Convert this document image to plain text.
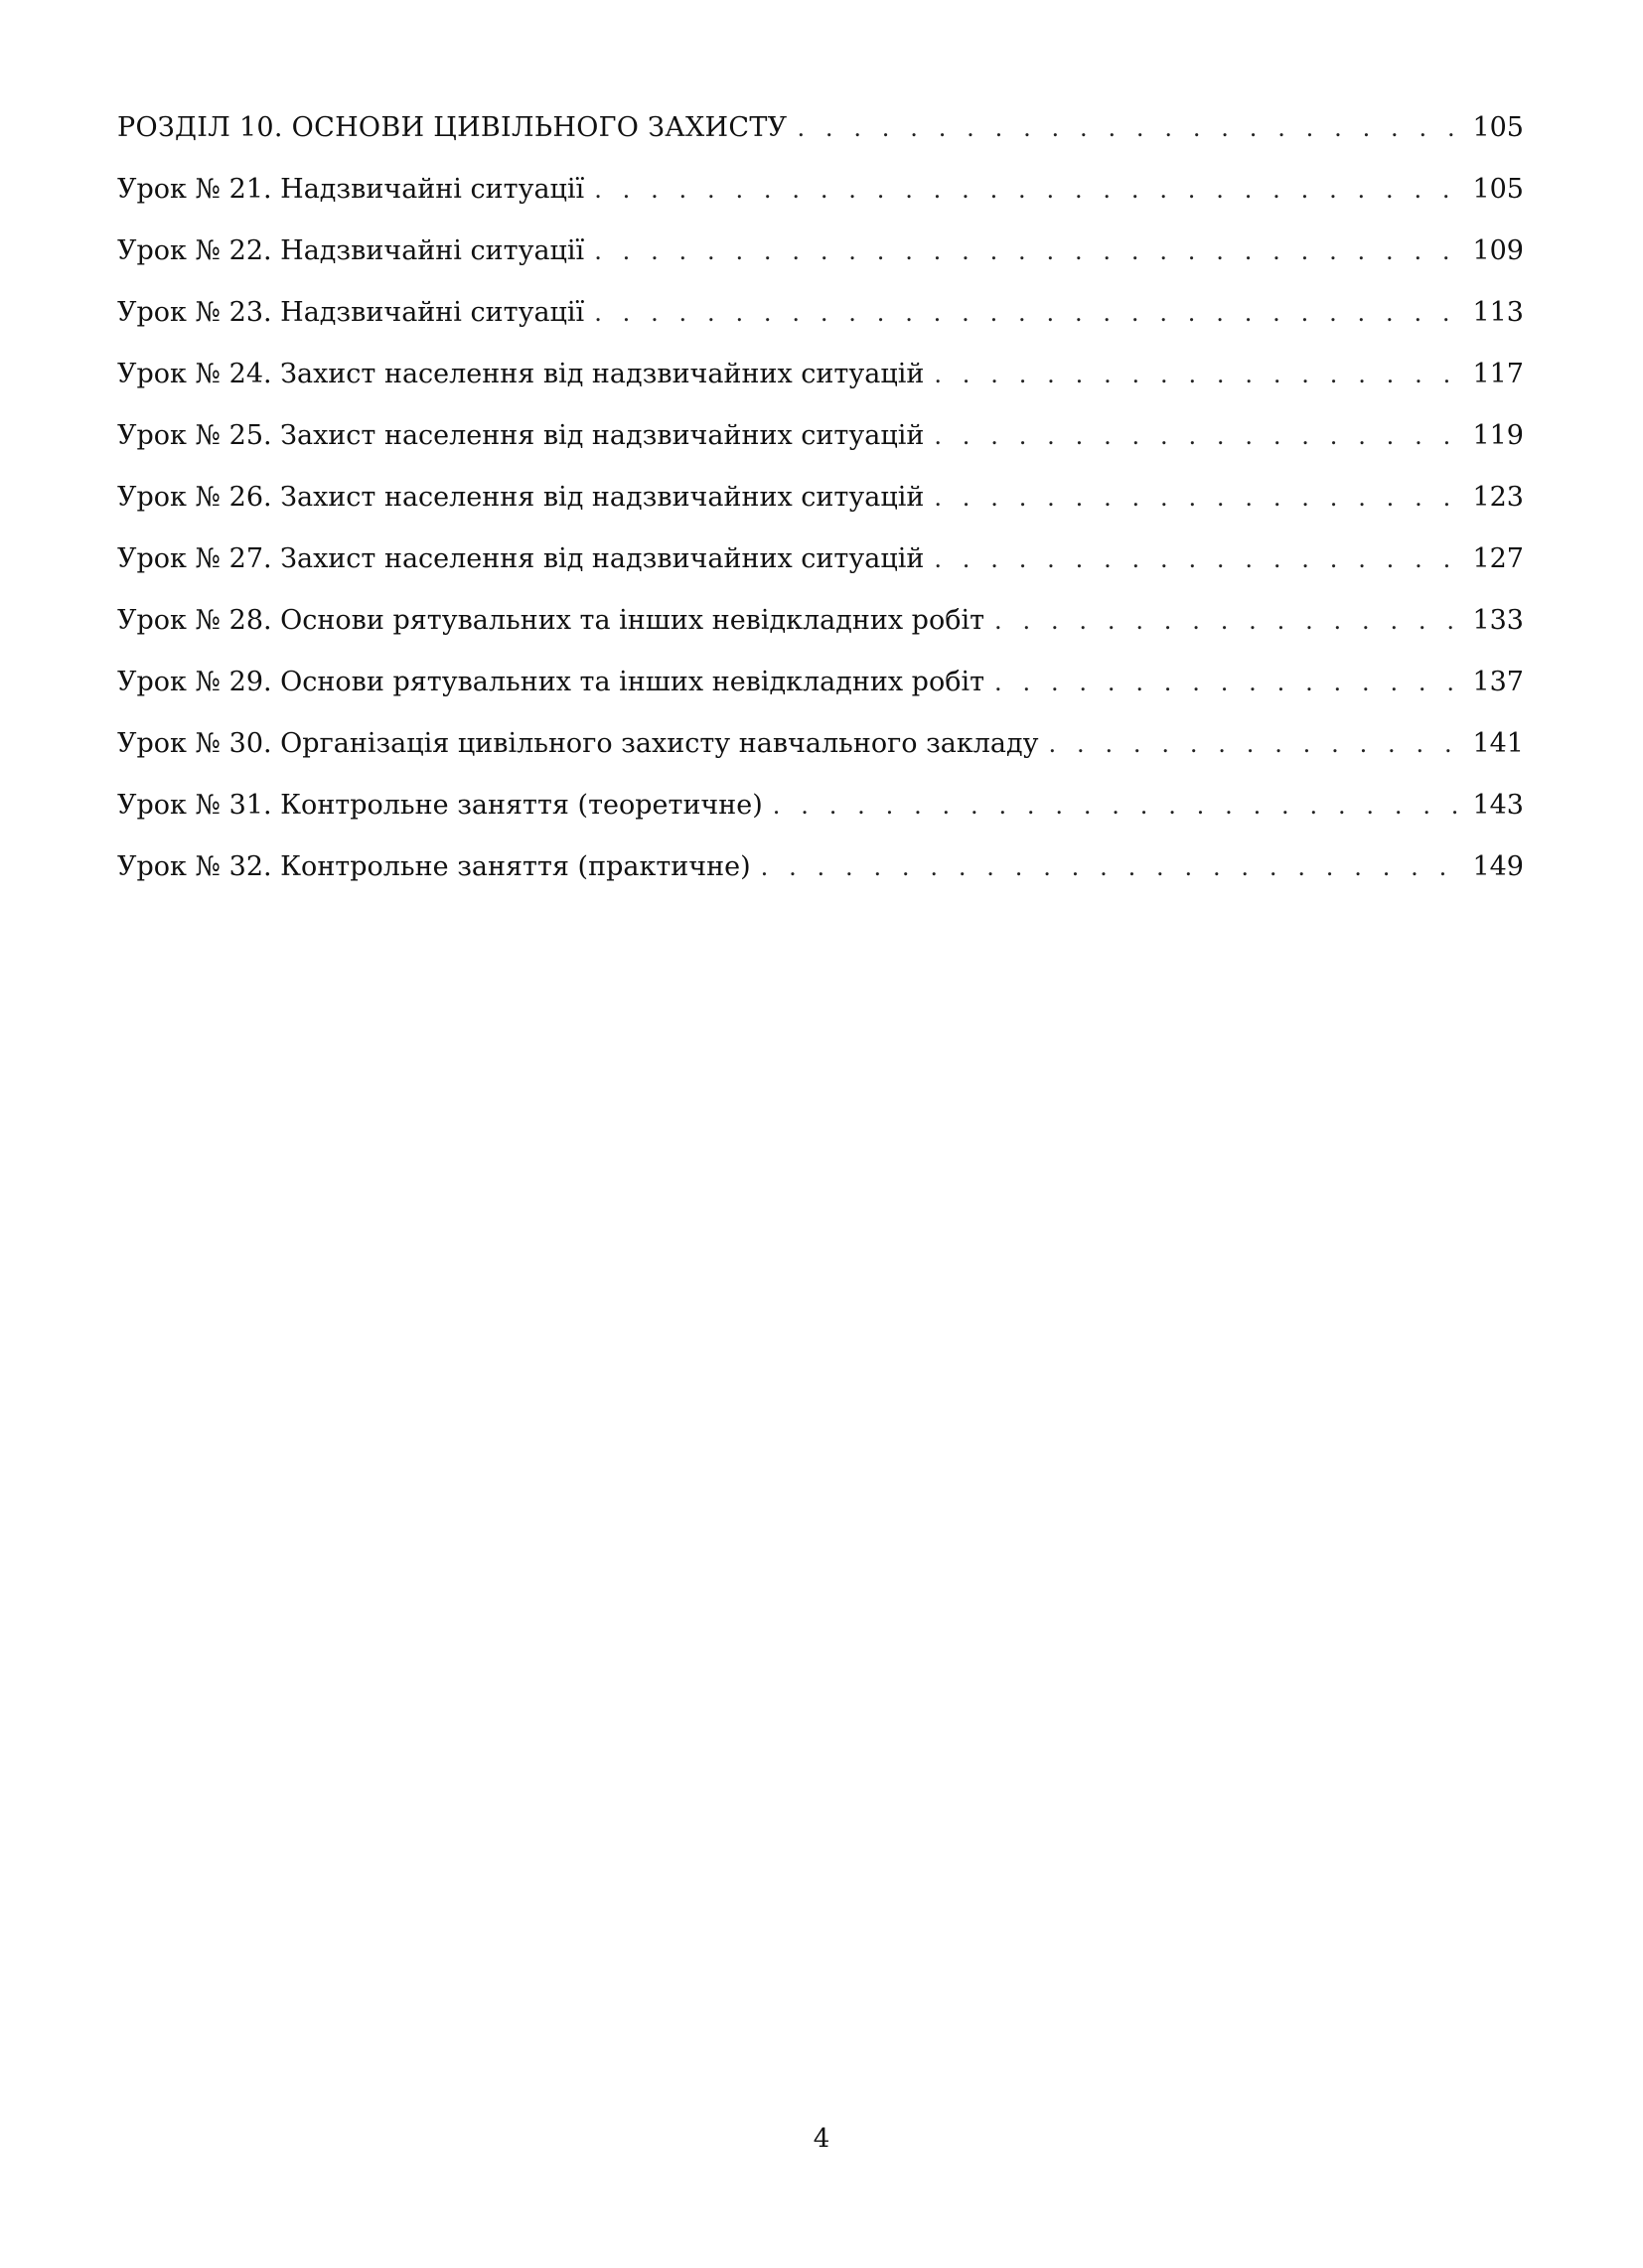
РОЗДІЛ 10. ОСНОВИ ЦИВІЛЬНОГО ЗАХИСТУ . . .	105
Урок № 21. Надзвичайні ситуації . . .	105
Урок № 22. Надзвичайні ситуації . . .	109
Урок № 23. Надзвичайні ситуації . . .	113
Урок № 24. Захист населення від надзвичайних ситуацій . . .	117
Урок № 25. Захист населення від надзвичайних ситуацій . . .	119
Урок № 26. Захист населення від надзвичайних ситуацій . . .	123
Урок № 27. Захист населення від надзвичайних ситуацій . . .	127
Урок № 28. Основи рятувальних та інших невідкладних робіт . . .	133
Урок № 29. Основи рятувальних та інших невідкладних робіт . . .	137
Урок № 30. Організація цивільного захисту навчального закладу . . .	141
Урок № 31. Контрольне заняття (теоретичне) . . .	143
Урок № 32. Контрольне заняття (практичне) . . .	149
4
